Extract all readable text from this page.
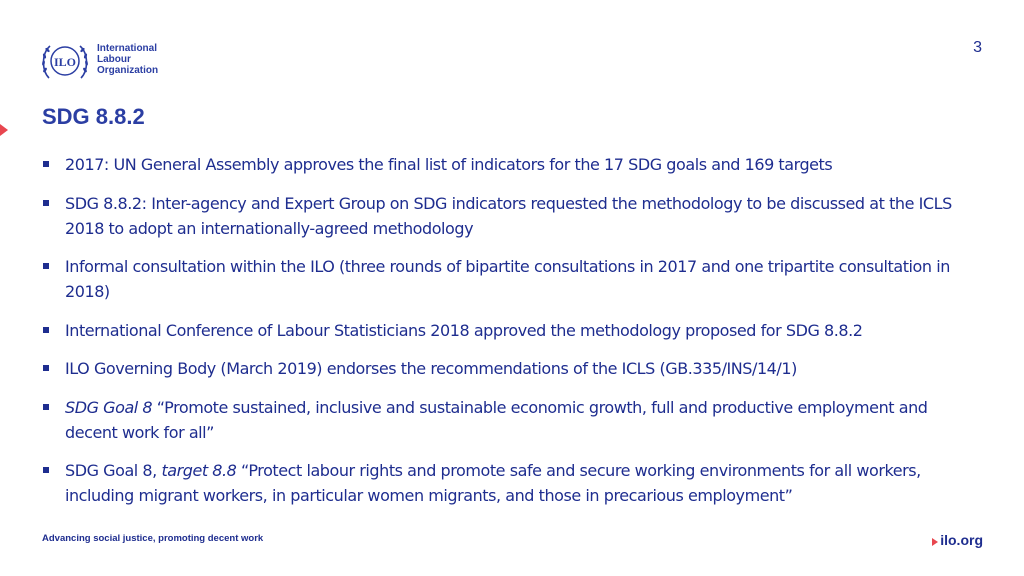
ILO
International
Labour
Organization
3
SDG 8.8.2
2017: UN General Assembly approves the final list of indicators for the 17 SDG goals and 169 targets
SDG 8.8.2: Inter-agency and Expert Group on SDG indicators requested the methodology to be discussed at the ICLS 2018 to adopt an internationally-agreed methodology
Informal consultation within the ILO (three rounds of bipartite consultations in 2017 and one tripartite consultation in 2018)
International Conference of Labour Statisticians 2018 approved the methodology proposed for SDG 8.8.2
ILO Governing Body (March 2019) endorses the recommendations of the ICLS (GB.335/INS/14/1)
SDG Goal 8 “Promote sustained, inclusive and sustainable economic growth, full and productive employment and decent work for all”
SDG Goal 8, target 8.8 “Protect labour rights and promote safe and secure working environments for all workers, including migrant workers, in particular women migrants, and those in precarious employment”
Advancing social justice, promoting decent work	ilo.org
